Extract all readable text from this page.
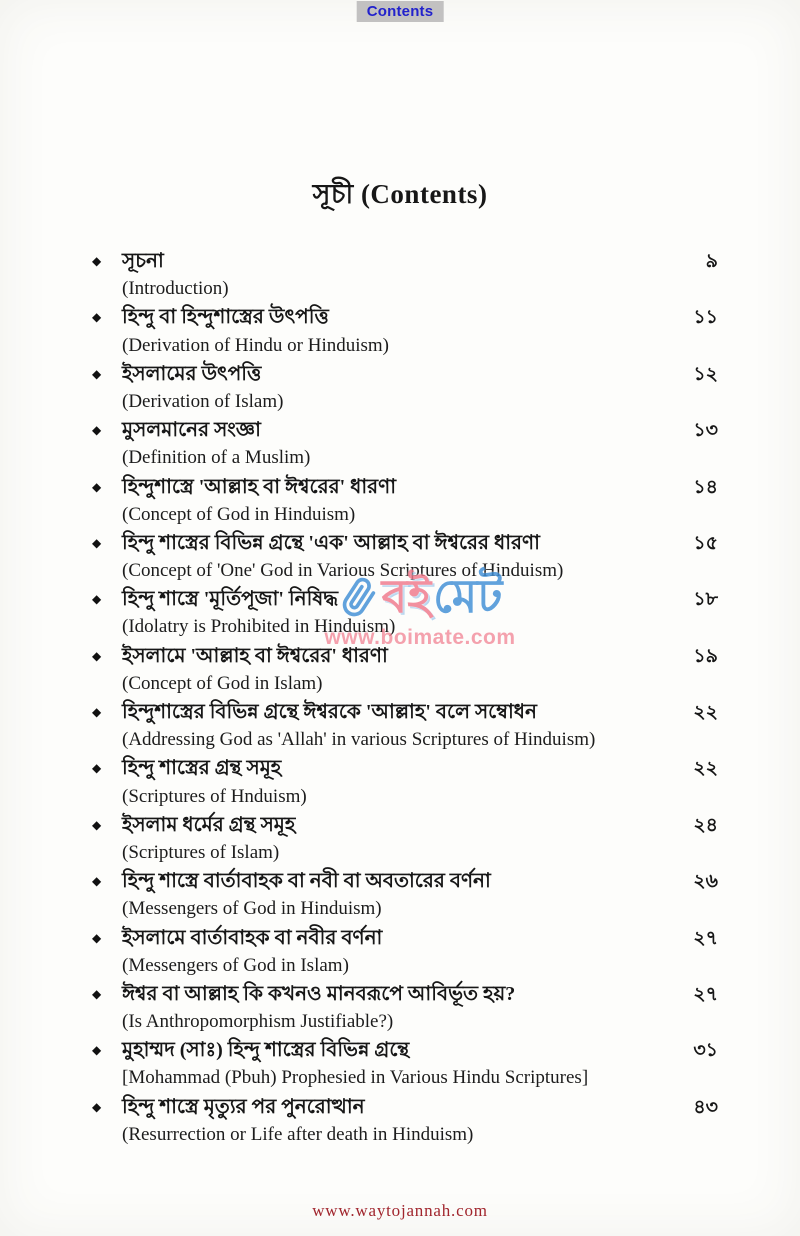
Contents
সূচী (Contents)
◆	সূচনা	৯
(Introduction)
◆	হিন্দু বা হিন্দুশাস্ত্রের উৎপত্তি	১১
(Derivation of Hindu or Hinduism)
◆	ইসলামের উৎপত্তি	১২
(Derivation of Islam)
◆	মুসলমানের সংজ্ঞা	১৩
(Definition of a Muslim)
◆	হিন্দুশাস্ত্রে 'আল্লাহ বা ঈশ্বরের' ধারণা	১৪
(Concept of God in Hinduism)
◆	হিন্দু শাস্ত্রের বিভিন্ন গ্রন্থে 'এক' আল্লাহ বা ঈশ্বরের ধারণা	১৫
(Concept of 'One' God in Various Scriptures of Hinduism)
◆	হিন্দু শাস্ত্রে 'মূর্তিপূজা' নিষিদ্ধ	১৮
(Idolatry is Prohibited in Hinduism)
◆	ইসলামে 'আল্লাহ বা ঈশ্বরের' ধারণা	১৯
(Concept of God in Islam)
◆	হিন্দুশাস্ত্রের বিভিন্ন গ্রন্থে ঈশ্বরকে 'আল্লাহ' বলে সম্বোধন	২২
(Addressing God as 'Allah' in various Scriptures of Hinduism)
◆	হিন্দু শাস্ত্রের গ্রন্থ সমূহ	২২
(Scriptures of Hnduism)
◆	ইসলাম ধর্মের গ্রন্থ সমূহ	২৪
(Scriptures of Islam)
◆	হিন্দু শাস্ত্রে বার্তাবাহক বা নবী বা অবতারের বর্ণনা	২৬
(Messengers of God in Hinduism)
◆	ইসলামে বার্তাবাহক বা নবীর বর্ণনা	২৭
(Messengers of God in Islam)
◆	ঈশ্বর বা আল্লাহ কি কখনও মানবরূপে আবির্ভূত হয়?	২৭
(Is Anthropomorphism Justifiable?)
◆	মুহাম্মদ (সাঃ) হিন্দু শাস্ত্রের বিভিন্ন গ্রন্থে	৩১
[Mohammad (Pbuh) Prophesied in Various Hindu Scriptures]
◆	হিন্দু শাস্ত্রে মৃত্যুর পর পুনরোত্থান	৪৩
(Resurrection or Life after death in Hinduism)
বই মেট
www.boimate.com
www.waytojannah.com
